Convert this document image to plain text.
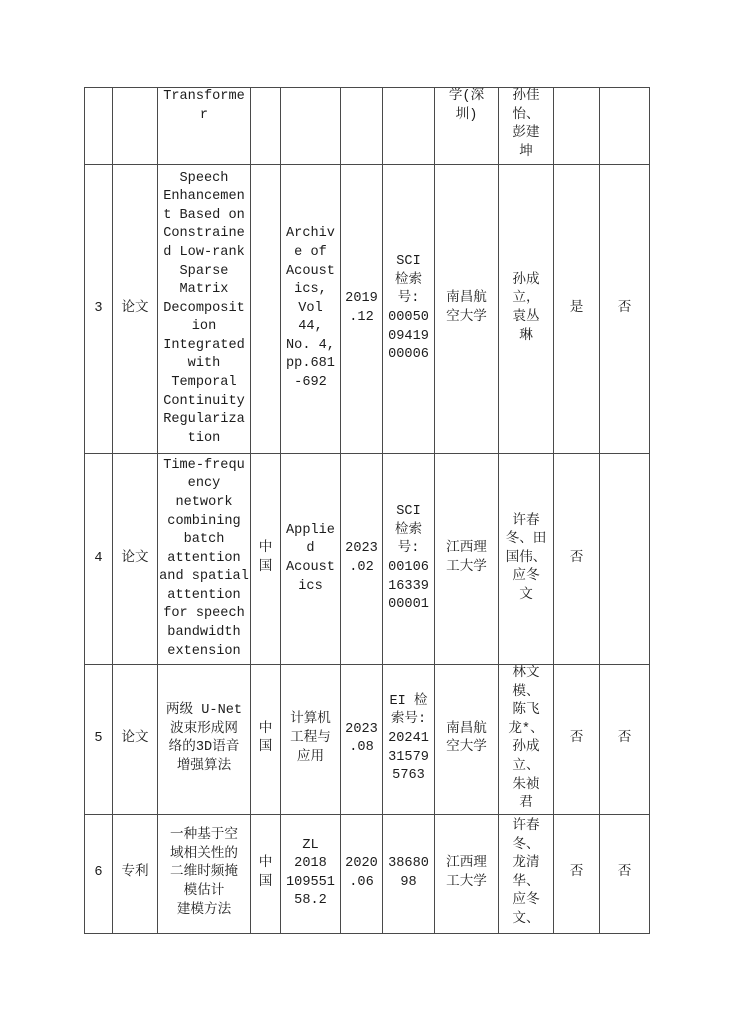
		Transforme
r					学(深
圳)	孙佳
怡、
彭建
坤		
3	论文	Speech
Enhancemen
t Based on
Constraine
d Low-rank
Sparse
Matrix
Decomposit
ion
Integrated
with
Temporal
Continuity
Regulariza
tion		Archiv
e of
Acoust
ics,
Vol
44,
No. 4,
pp.681
-692	2019
.12	SCI
检索
号:
00050
09419
00006	南昌航
空大学	孙成
立，
袁丛
琳	是	否
4	论文	Time-frequ
ency
network
combining
batch
attention
and spatial
attention
for speech
bandwidth
extension	中
国	Applie
d
Acoust
ics	2023
.02	SCI
检索
号:
00106
16339
00001	江西理
工大学	许春
冬、田
国伟、
应冬
文	否	
5	论文	两级 U-Net
波束形成网
络的3D语音
增强算法	中
国	计算机
工程与
应用	2023
.08	EI 检
索号:
20241
31579
5763	南昌航
空大学	林文
模、
陈飞
龙*、
孙成
立、
朱祯
君	否	否
6	专利	一种基于空
域相关性的
二维时频掩
模估计
建模方法	中
国	ZL
2018
109551
58.2	2020
.06	38680
98	江西理
工大学	许春
冬、
龙清
华、
应冬
文、	否	否
